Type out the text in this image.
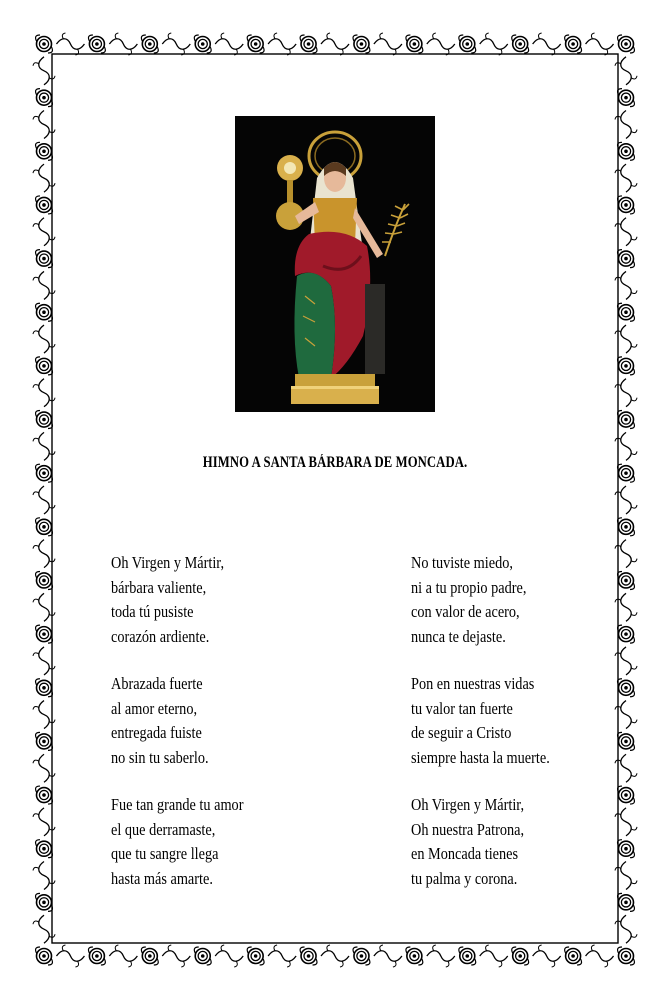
HIMNO A SANTA BÁRBARA DE MONCADA.

Oh Virgen y Mártir,
bárbara valiente,
toda tú pusiste
corazón ardiente.

Abrazada fuerte
al amor eterno,
entregada fuiste
no sin tu saberlo.

Fue tan grande tu amor
el que derramaste,
que tu sangre llega
hasta más amarte.

No tuviste miedo,
ni a tu propio padre,
con valor de acero,
nunca te dejaste.

Pon en nuestras vidas
tu valor tan fuerte
de seguir a Cristo
siempre hasta la muerte.

Oh Virgen y Mártir,
Oh nuestra Patrona,
en Moncada tienes
tu palma y corona.
